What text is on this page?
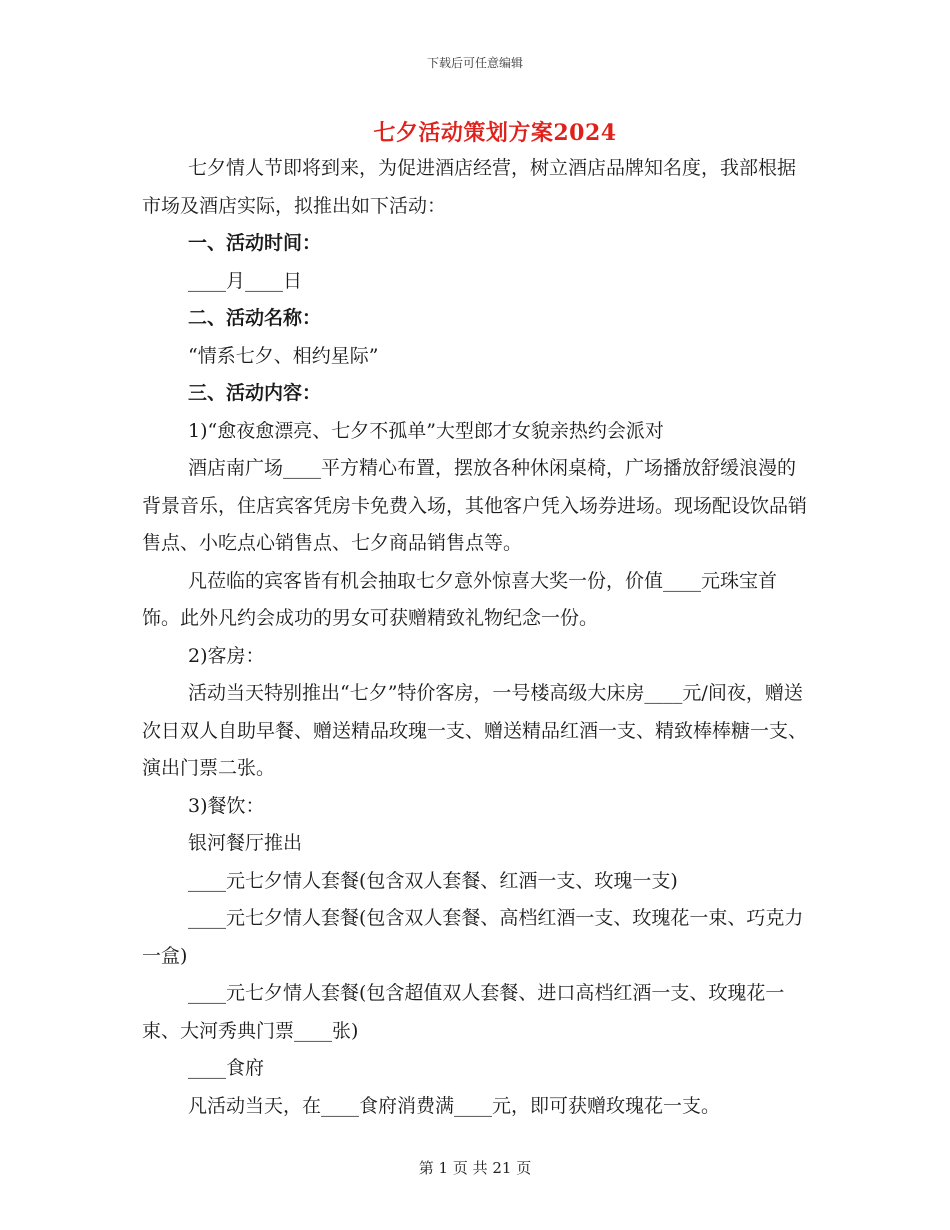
下载后可任意编辑
七夕活动策划方案2024

七夕情人节即将到来，为促进酒店经营，树立酒店品牌知名度，我部根据市场及酒店实际，拟推出如下活动：

一、活动时间：

____月____日

二、活动名称：

“情系七夕、相约星际”

三、活动内容：

1)“愈夜愈漂亮、七夕不孤单”大型郎才女貌亲热约会派对

酒店南广场____平方精心布置，摆放各种休闲桌椅，广场播放舒缓浪漫的背景音乐，住店宾客凭房卡免费入场，其他客户凭入场券进场。现场配设饮品销售点、小吃点心销售点、七夕商品销售点等。

凡莅临的宾客皆有机会抽取七夕意外惊喜大奖一份，价值____元珠宝首饰。此外凡约会成功的男女可获赠精致礼物纪念一份。

2)客房：

活动当天特别推出“七夕”特价客房，一号楼高级大床房____元/间夜，赠送次日双人自助早餐、赠送精品玫瑰一支、赠送精品红酒一支、精致棒棒糖一支、演出门票二张。

3)餐饮：

银河餐厅推出

____元七夕情人套餐(包含双人套餐、红酒一支、玫瑰一支)

____元七夕情人套餐(包含双人套餐、高档红酒一支、玫瑰花一束、巧克力一盒)

____元七夕情人套餐(包含超值双人套餐、进口高档红酒一支、玫瑰花一束、大河秀典门票____张)

____食府

凡活动当天，在____食府消费满____元，即可获赠玫瑰花一支。

第 1 页 共 21 页
